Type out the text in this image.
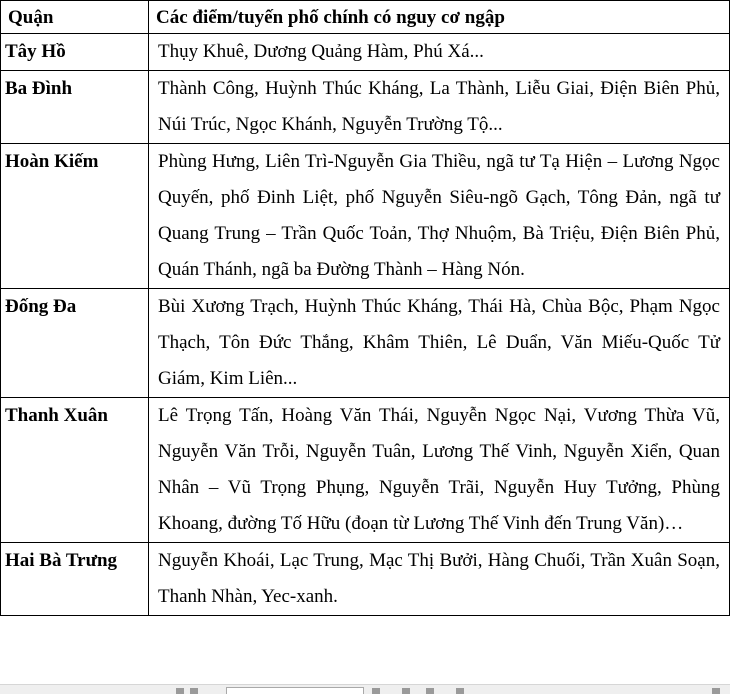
Quận	Các điểm/tuyến phố chính có nguy cơ ngập

Tây Hồ	Thụy Khuê, Dương Quảng Hàm, Phú Xá...

Ba Đình	Thành Công, Huỳnh Thúc Kháng, La Thành, Liễu Giai, Điện Biên Phủ, Núi Trúc, Ngọc Khánh, Nguyễn Trường Tộ...

Hoàn Kiếm	Phùng Hưng, Liên Trì-Nguyễn Gia Thiều, ngã tư Tạ Hiện – Lương Ngọc Quyến, phố Đinh Liệt, phố Nguyễn Siêu-ngõ Gạch, Tông Đản, ngã tư Quang Trung – Trần Quốc Toản, Thợ Nhuộm, Bà Triệu, Điện Biên Phủ, Quán Thánh, ngã ba Đường Thành – Hàng Nón.

Đống Đa	Bùi Xương Trạch, Huỳnh Thúc Kháng, Thái Hà, Chùa Bộc, Phạm Ngọc Thạch, Tôn Đức Thắng, Khâm Thiên, Lê Duẩn, Văn Miếu-Quốc Tử Giám, Kim Liên...

Thanh Xuân	Lê Trọng Tấn, Hoàng Văn Thái, Nguyễn Ngọc Nại, Vương Thừa Vũ, Nguyễn Văn Trỗi, Nguyễn Tuân, Lương Thế Vinh, Nguyễn Xiển, Quan Nhân – Vũ Trọng Phụng, Nguyễn Trãi, Nguyễn Huy Tưởng, Phùng Khoang, đường Tố Hữu (đoạn từ Lương Thế Vinh đến Trung Văn)…

Hai Bà Trưng	Nguyễn Khoái, Lạc Trung, Mạc Thị Bưởi, Hàng Chuối, Trần Xuân Soạn, Thanh Nhàn, Yec-xanh.
